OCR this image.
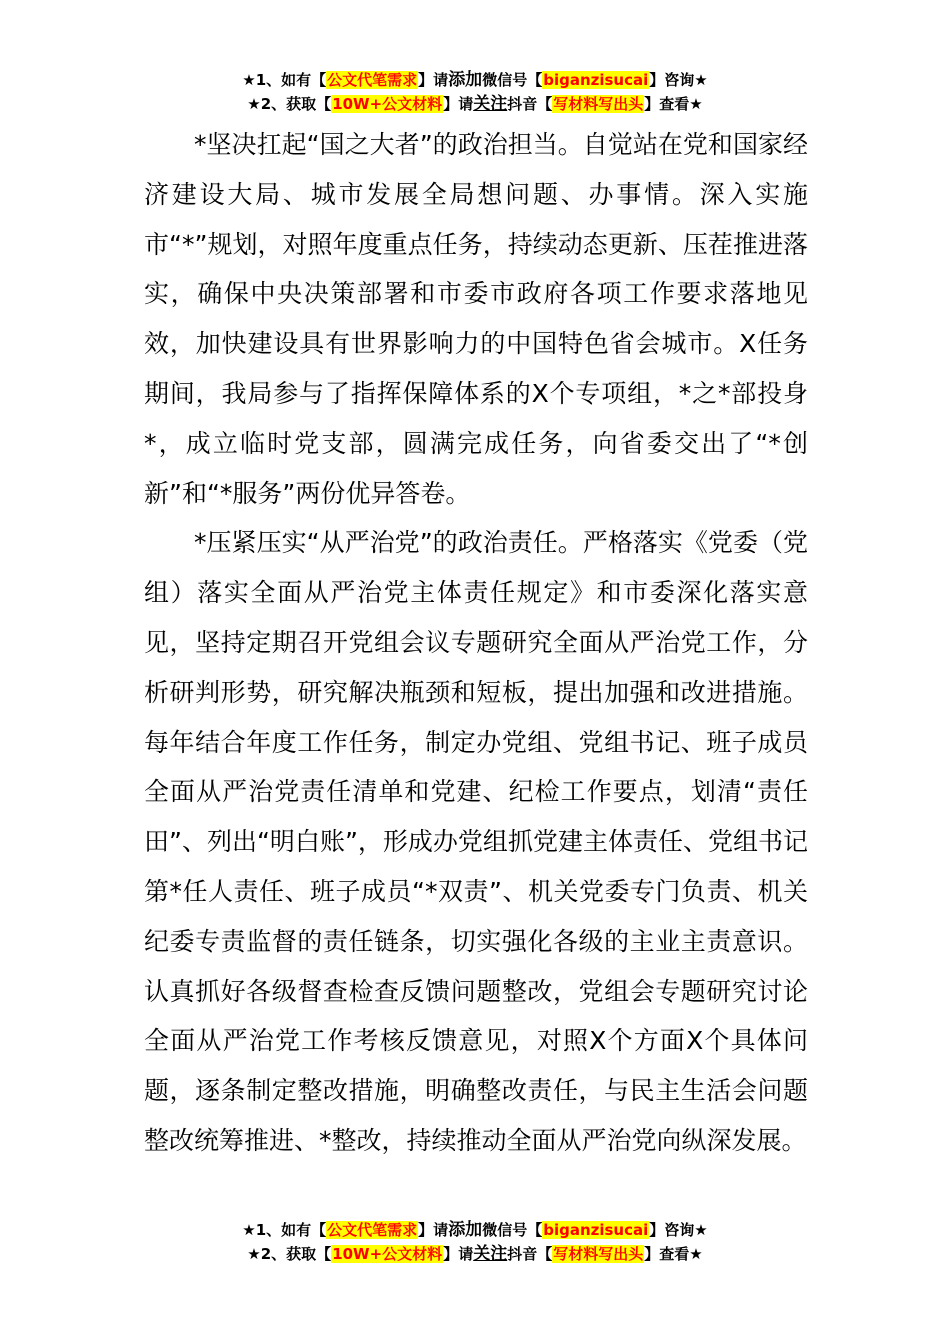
★1、如有【公文代笔需求】请添加微信号【biganzisucai】咨询★
★2、获取【10W+公文材料】请关注抖音【写材料写出头】查看★

*坚决扛起“国之大者”的政治担当。自觉站在党和国家经济建设大局、城市发展全局想问题、办事情。深入实施市“*”规划，对照年度重点任务，持续动态更新、压茬推进落实，确保中央决策部署和市委市政府各项工作要求落地见效，加快建设具有世界影响力的中国特色省会城市。X任务期间，我局参与了指挥保障体系的X个专项组，*之*部投身*，成立临时党支部，圆满完成任务，向省委交出了“*创新”和“*服务”两份优异答卷。

*压紧压实“从严治党”的政治责任。严格落实《党委（党组）落实全面从严治党主体责任规定》和市委深化落实意见，坚持定期召开党组会议专题研究全面从严治党工作，分析研判形势，研究解决瓶颈和短板，提出加强和改进措施。每年结合年度工作任务，制定办党组、党组书记、班子成员全面从严治党责任清单和党建、纪检工作要点，划清“责任田”、列出“明白账”，形成办党组抓党建主体责任、党组书记第*任人责任、班子成员“*双责”、机关党委专门负责、机关纪委专责监督的责任链条，切实强化各级的主业主责意识。认真抓好各级督查检查反馈问题整改，党组会专题研究讨论全面从严治党工作考核反馈意见，对照X个方面X个具体问题，逐条制定整改措施，明确整改责任，与民主生活会问题整改统筹推进、*整改，持续推动全面从严治党向纵深发展。

★1、如有【公文代笔需求】请添加微信号【biganzisucai】咨询★
★2、获取【10W+公文材料】请关注抖音【写材料写出头】查看★
